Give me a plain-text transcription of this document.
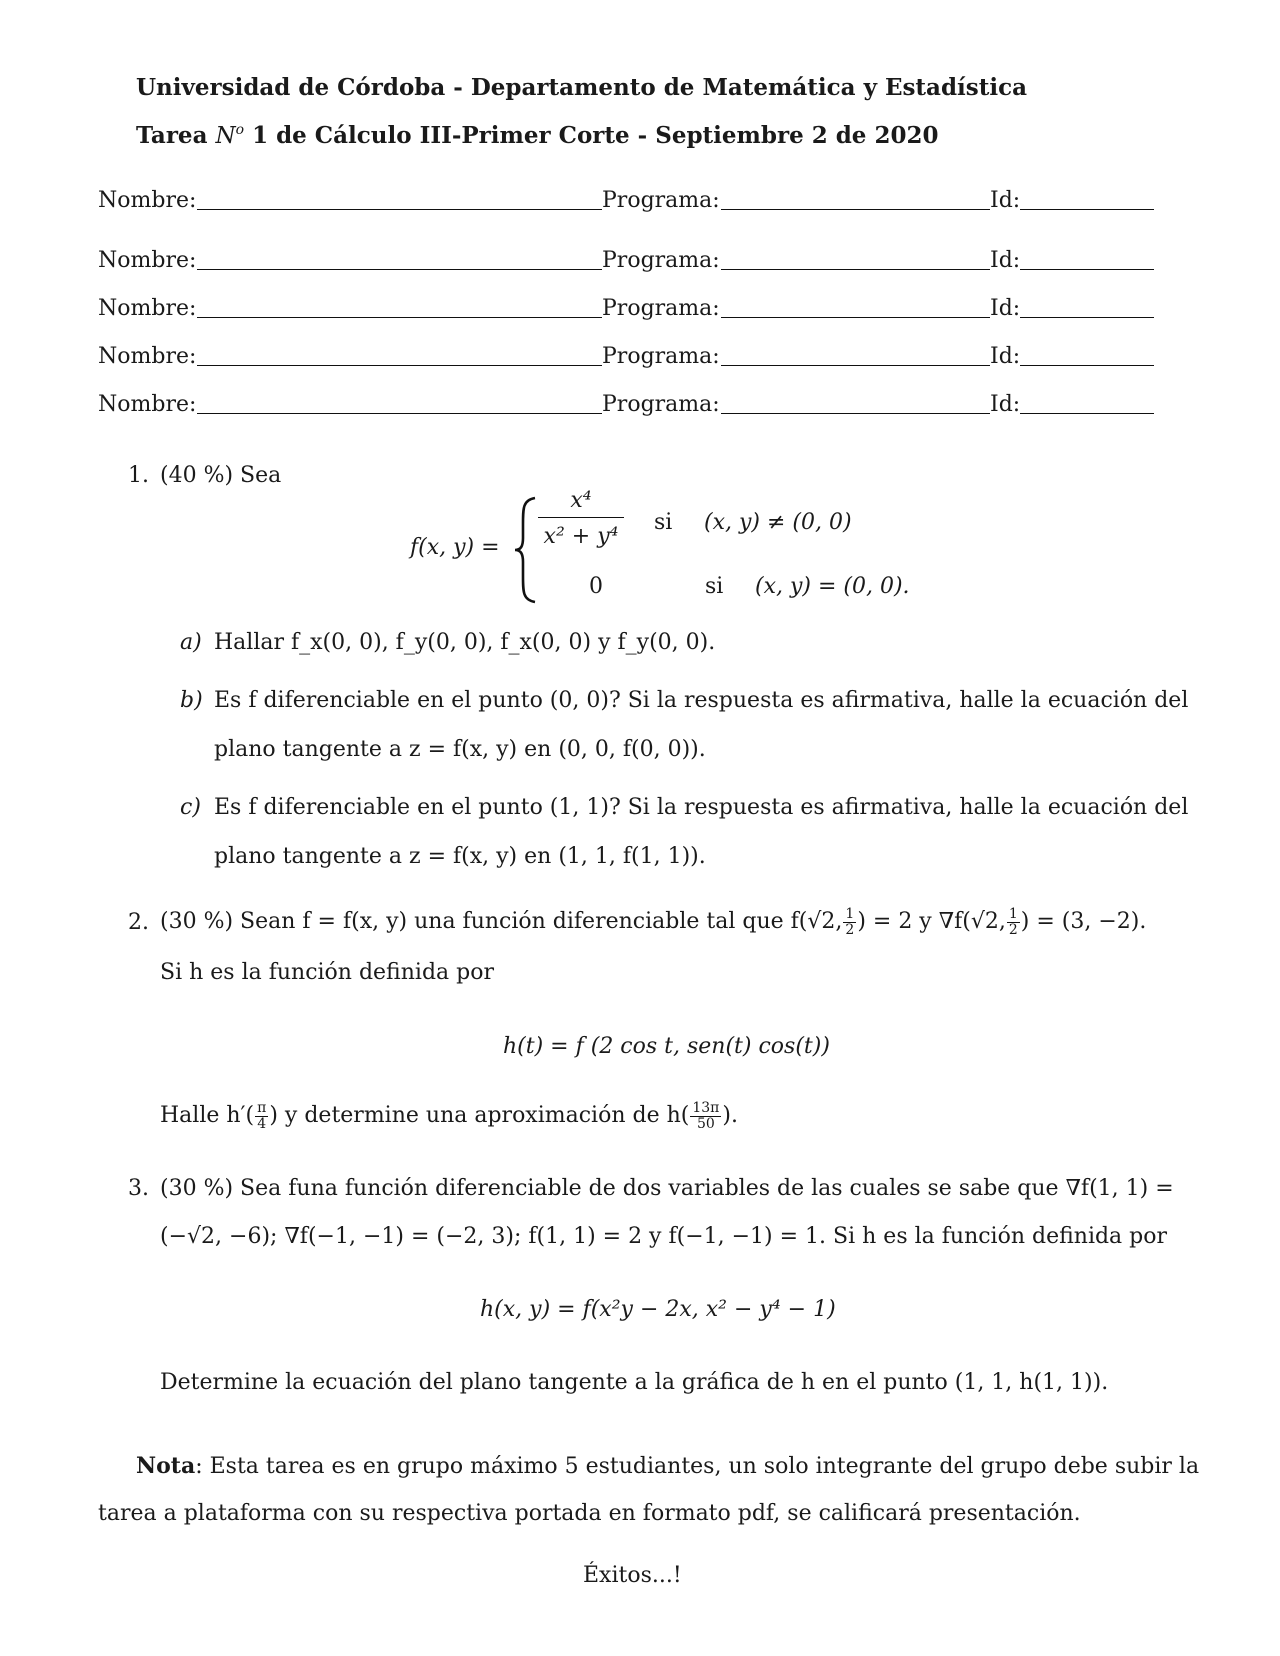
Universidad de Córdoba - Departamento de Matemática y Estadística
Tarea $N^o$ 1 de Cálculo III-Primer Corte - Septiembre 2 de 2020
Nombre:	Programa:	Id:
Nombre:	Programa:	Id:
Nombre:	Programa:	Id:
Nombre:	Programa:	Id:
Nombre:	Programa:	Id:
1. (40 %) Sea
f(x, $y) = \frac{\text{x⁴}}{\text{x² + y⁴}}$ si (x, y) ≠ (0, 0)
0	si (x, y) = (0, 0).
a) Hallar f_x(0, 0), f_y(0, 0), f_x(0, 0) y f_y(0, 0).
b) Es f diferenciable en el punto (0, 0)? Si la respuesta es afirmativa, halle la ecuación del
plano tangente a z = f(x, y) en (0, 0, f(0, 0)).
c) Es f diferenciable en el punto (1, 1)? Si la respuesta es afirmativa, halle la ecuación del
plano tangente a z = f(x, y) en (1, 1, f(1, 1)).
2. (30 %) Sean f = f(x, y) una función diferenciable tal que f(√2, $\frac{1}{2}$ ) = 2 y ∇f(√2, $\frac{1}{2}$ ) = (3, −2).
Si h es la función definida por
h(t) = f (2 cos t, sen(t) cos(t))
Halle $h'( \frac{\pi}{4}$ ) y determine una aproximación de $h( \frac{13\pi}{50}$ ).
3. (30 %) Sea funa función diferenciable de dos variables de las cuales se sabe que ∇f(1, 1) =
(−√2, −6); ∇f(−1, −1) = (−2, 3); f(1, 1) = 2 y f(−1, −1) = 1. Si h es la función definida por
h(x, y) = f(x²y − 2x, x² − y⁴ − 1)
Determine la ecuación del plano tangente a la gráfica de h en el punto (1, 1, h(1, 1)).
Nota: Esta tarea es en grupo máximo 5 estudiantes, un solo integrante del grupo debe subir la
tarea a plataforma con su respectiva portada en formato pdf, se calificará presentación.
Éxitos...!
